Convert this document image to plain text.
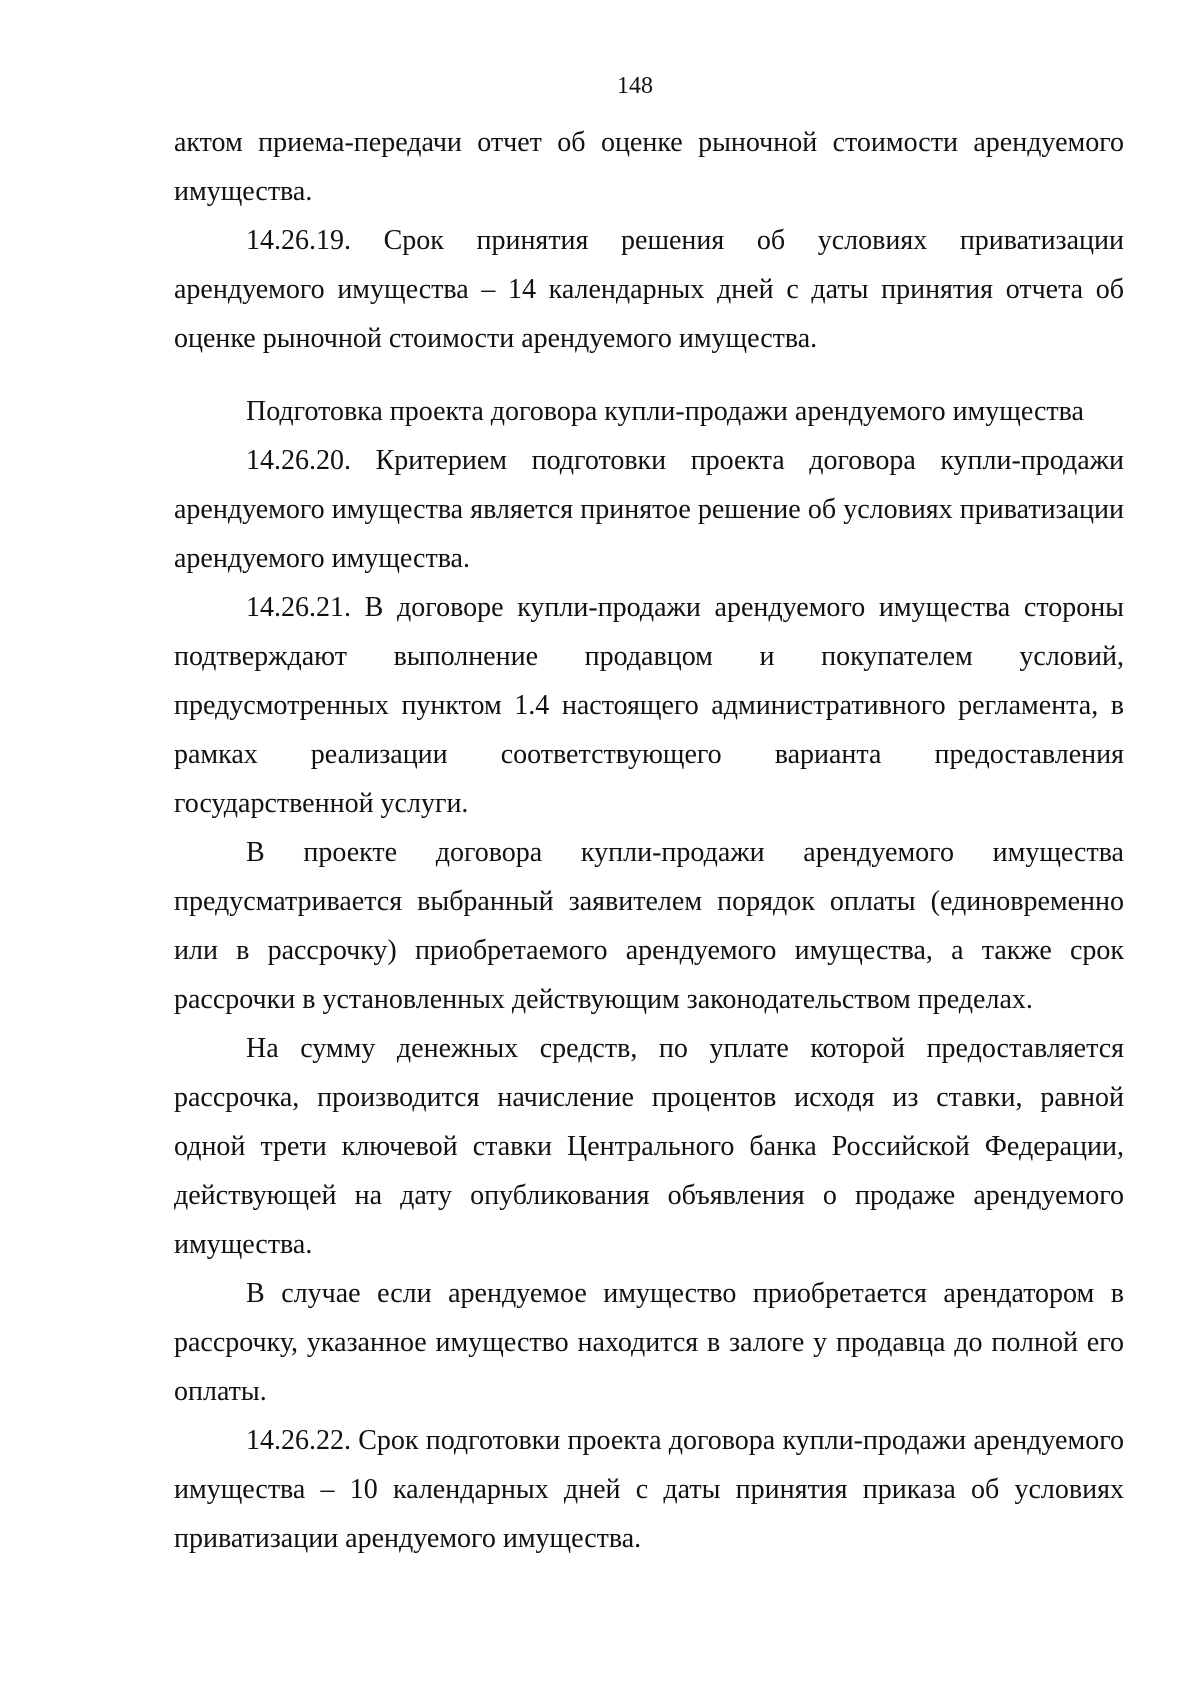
148

актом приема-передачи отчет об оценке рыночной стоимости арендуемого имущества.

14.26.19. Срок принятия решения об условиях приватизации арендуемого имущества – 14 календарных дней с даты принятия отчета об оценке рыночной стоимости арендуемого имущества.

Подготовка проекта договора купли-продажи арендуемого имущества

14.26.20. Критерием подготовки проекта договора купли-продажи арендуемого имущества является принятое решение об условиях приватизации арендуемого имущества.

14.26.21. В договоре купли-продажи арендуемого имущества стороны подтверждают выполнение продавцом и покупателем условий, предусмотренных пунктом 1.4 настоящего административного регламента, в рамках реализации соответствующего варианта предоставления государственной услуги.

В проекте договора купли-продажи арендуемого имущества предусматривается выбранный заявителем порядок оплаты (единовременно или в рассрочку) приобретаемого арендуемого имущества, а также срок рассрочки в установленных действующим законодательством пределах.

На сумму денежных средств, по уплате которой предоставляется рассрочка, производится начисление процентов исходя из ставки, равной одной трети ключевой ставки Центрального банка Российской Федерации, действующей на дату опубликования объявления о продаже арендуемого имущества.

В случае если арендуемое имущество приобретается арендатором в рассрочку, указанное имущество находится в залоге у продавца до полной его оплаты.

14.26.22. Срок подготовки проекта договора купли-продажи арендуемого имущества – 10 календарных дней с даты принятия приказа об условиях приватизации арендуемого имущества.
